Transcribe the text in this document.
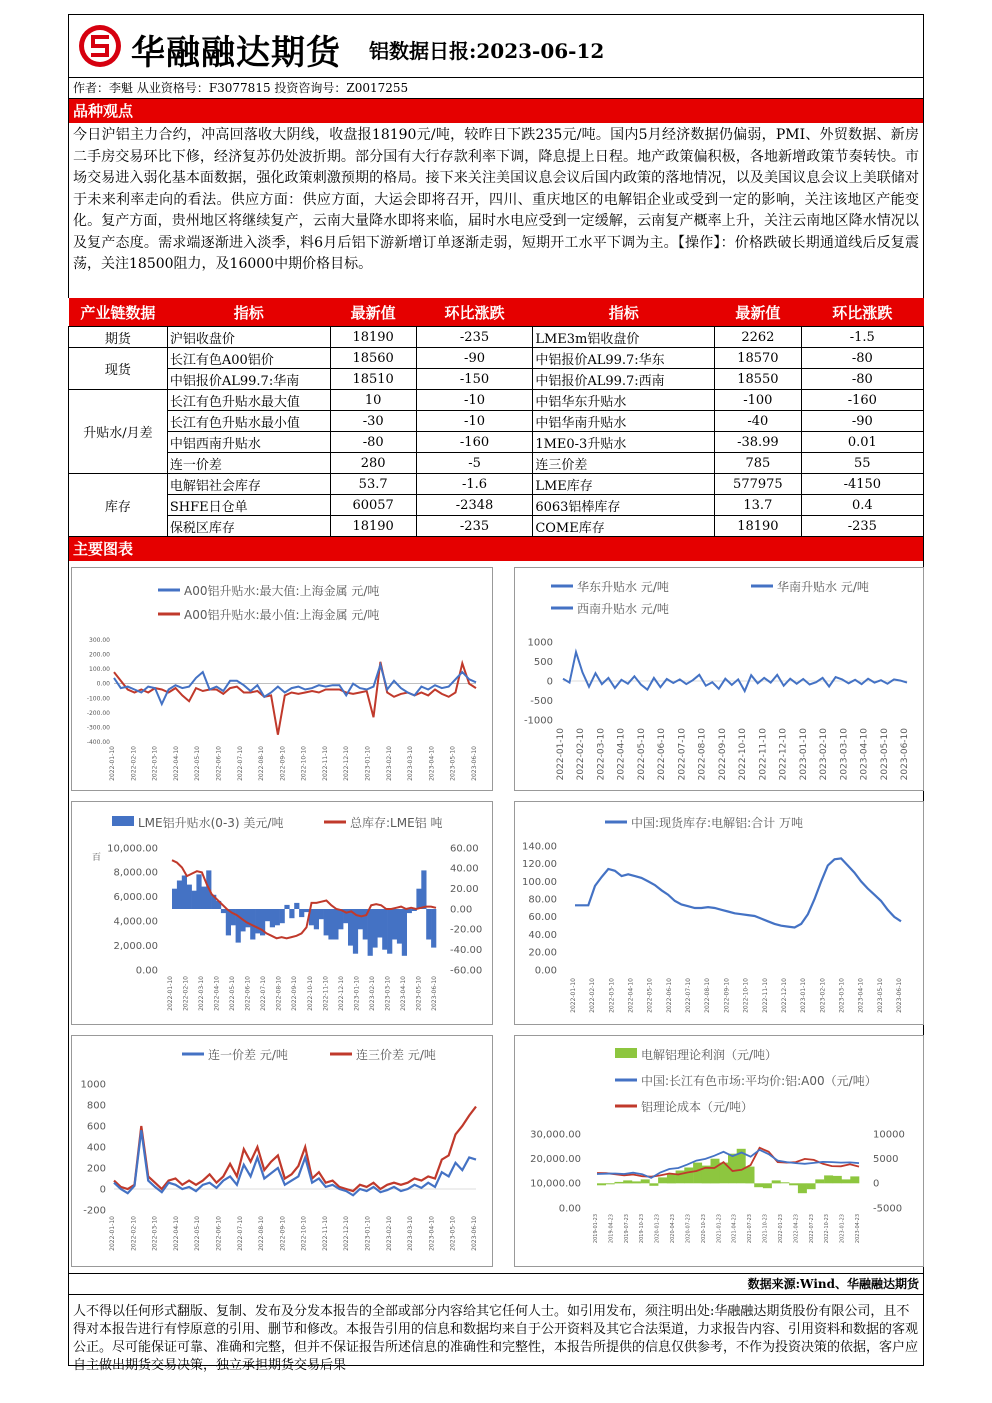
华融融达期货 铝数据日报:2023-06-12
作者：李魁 从业资格号：F3077815 投资咨询号：Z0017255
品种观点
今日沪铝主力合约，冲高回落收大阴线，收盘报18190元/吨，较昨日下跌235元/吨。国内5月经济数据仍偏弱，PMI、外贸数据、新房二手房交易环比下修，经济复苏仍处波折期。部分国有大行存款利率下调，降息提上日程。地产政策偏积极，各地新增政策节奏转快。市场交易进入弱化基本面数据，强化政策刺激预期的格局。接下来关注美国议息会议后国内政策的落地情况，以及美国议息会议上美联储对于未来利率走向的看法。供应方面：供应方面，大运会即将召开，四川、重庆地区的电解铝企业或受到一定的影响，关注该地区产能变化。复产方面，贵州地区将继续复产，云南大量降水即将来临，届时水电应受到一定缓解，云南复产概率上升，关注云南地区降水情况以及复产态度。需求端逐渐进入淡季，料6月后铝下游新增订单逐渐走弱，短期开工水平下调为主。【操作】：价格跌破长期通道线后反复震荡，关注18500阻力，及16000中期价格目标。
产业链数据	指标	最新值	环比涨跌	指标	最新值	环比涨跌
期货	沪铝收盘价	18190	-235	LME3m铝收盘价	2262	-1.5
现货	长江有色A00铝价	18560	-90	中铝报价AL99.7:华东	18570	-80
	中铝报价AL99.7:华南	18510	-150	中铝报价AL99.7:西南	18550	-80
升贴水/月差	长江有色升贴水最大值	10	-10	中铝华东升贴水	-100	-160
	长江有色升贴水最小值	-30	-10	中铝华南升贴水	-40	-90
	中铝西南升贴水	-80	-160	1ME0-3升贴水	-38.99	0.01
	连一价差	280	-5	连三价差	785	55
库存	电解铝社会库存	53.7	-1.6	LME库存	577975	-4150
	SHFE日仓单	60057	-2348	6063铝棒库存	13.7	0.4
	保税区库存	18190	-235	COME库存	18190	-235
主要图表
A00铝升贴水:最大值:上海金属 元/吨
A00铝升贴水:最小值:上海金属 元/吨
300.00
200.00
100.00
0.00
-100.00
-200.00
-300.00
-400.00
2022-01-10 2022-02-10 2022-03-10 2022-04-10 2022-05-10 2022-06-10 2022-07-10 2022-08-10 2022-09-10 2022-10-10 2022-11-10 2022-12-10 2023-01-10 2023-02-10 2023-03-10 2023-04-10 2023-05-10 2023-06-10
华东升贴水 元/吨	华南升贴水 元/吨
西南升贴水 元/吨
1000
500
0
-500
-1000
2022-01-10 2022-02-10 2022-03-10 2022-04-10 2022-05-10 2022-06-10 2022-07-10 2022-08-10 2022-09-10 2022-10-10 2022-11-10 2022-12-10 2023-01-10 2023-02-10 2023-03-10 2023-04-10 2023-05-10 2023-06-10
LME铝升贴水(0-3) 美元/吨	总库存:LME铝 吨
百
10,000.00
8,000.00
6,000.00
4,000.00
2,000.00
0.00
60.00
40.00
20.00
0.00
-20.00
-40.00
-60.00
2022-01-10 2022-02-10 2022-03-10 2022-04-10 2022-05-10 2022-06-10 2022-07-10 2022-08-10 2022-09-10 2022-10-10 2022-11-10 2022-12-10 2023-01-10 2023-02-10 2023-03-10 2023-04-10 2023-05-10 2023-06-10
中国:现货库存:电解铝:合计 万吨
140.00
120.00
100.00
80.00
60.00
40.00
20.00
0.00
2022-01-10 2022-02-10 2022-03-10 2022-04-10 2022-05-10 2022-06-10 2022-07-10 2022-08-10 2022-09-10 2022-10-10 2022-11-10 2022-12-10 2023-01-10 2023-02-10 2023-03-10 2023-04-10 2023-05-10 2023-06-10
连一价差 元/吨	连三价差 元/吨
1000
800
600
400
200
0
-200
2022-01-10 2022-02-10 2022-03-10 2022-04-10 2022-05-10 2022-06-10 2022-07-10 2022-08-10 2022-09-10 2022-10-10 2022-11-10 2022-12-10 2023-01-10 2023-02-10 2023-03-10 2023-04-10 2023-05-10 2023-06-10
电解铝理论利润（元/吨）
中国:长江有色市场:平均价:铝:A00（元/吨）
铝理论成本（元/吨）
30,000.00
20,000.00
10,000.00
0.00
10000
5000
0
-5000
2019-01-23 2019-04-23 2019-07-23 2019-10-23 2020-01-23 2020-04-23 2020-07-23 2020-10-23 2021-01-23 2021-04-23 2021-07-23 2021-10-23 2022-01-23 2022-04-23 2022-07-23 2022-10-23 2023-01-23 2023-04-23
数据来源:Wind、华融融达期货
人不得以任何形式翻版、复制、发布及分发本报告的全部或部分内容给其它任何人士。如引用发布，须注明出处:华融融达期货股份有限公司，且不得对本报告进行有悖原意的引用、删节和修改。本报告引用的信息和数据均来自于公开资料及其它合法渠道，力求报告内容、引用资料和数据的客观公正。尽可能保证可靠、准确和完整，但并不保证报告所述信息的准确性和完整性，本报告所提供的信息仅供参考，不作为投资决策的依据，客户应自主做出期货交易决策，独立承担期货交易后果
